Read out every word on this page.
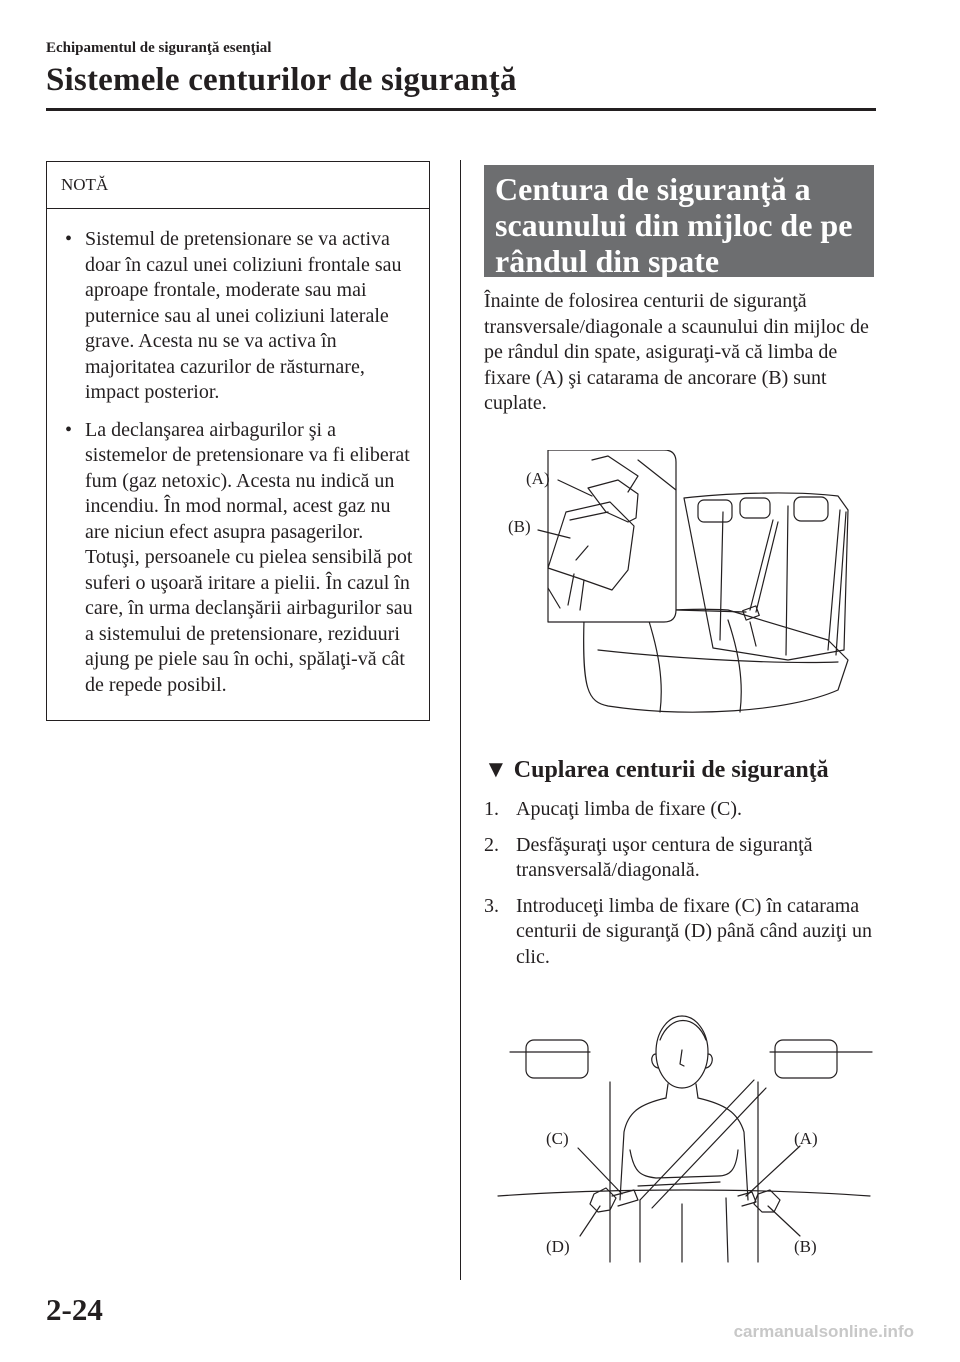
Echipamentul de siguranţă esenţial
Sistemele centurilor de siguranţă
NOTĂ
• Sistemul de pretensionare se va activa doar în cazul unei coliziuni frontale sau aproape frontale, moderate sau mai puternice sau al unei coliziuni laterale grave. Acesta nu se va activa în majoritatea cazurilor de răsturnare, impact posterior.
• La declanşarea airbagurilor şi a sistemelor de pretensionare va fi eliberat fum (gaz netoxic). Acesta nu indică un incendiu. În mod normal, acest gaz nu are niciun efect asupra pasagerilor. Totuşi, persoanele cu pielea sensibilă pot suferi o uşoară iritare a pielii. În cazul în care, în urma declanşării airbagurilor sau a sistemului de pretensionare, reziduuri ajung pe piele sau în ochi, spălaţi-vă cât de repede posibil.
Centura de siguranţă a scaunului din mijloc de pe rândul din spate

Înainte de folosirea centurii de siguranţă transversale/diagonale a scaunului din mijloc de pe rândul din spate, asiguraţi-vă că limba de fixare (A) şi catarama de ancorare (B) sunt cuplate.

(A)
(B)
▼ Cuplarea centurii de siguranţă
1. Apucaţi limba de fixare (C).
2. Desfăşuraţi uşor centura de siguranţă transversală/diagonală.
3. Introduceţi limba de fixare (C) în catarama centurii de siguranţă (D) până când auziţi un clic.
(C)	(A)
(D)	(B)
2-24
carmanualsonline.info
